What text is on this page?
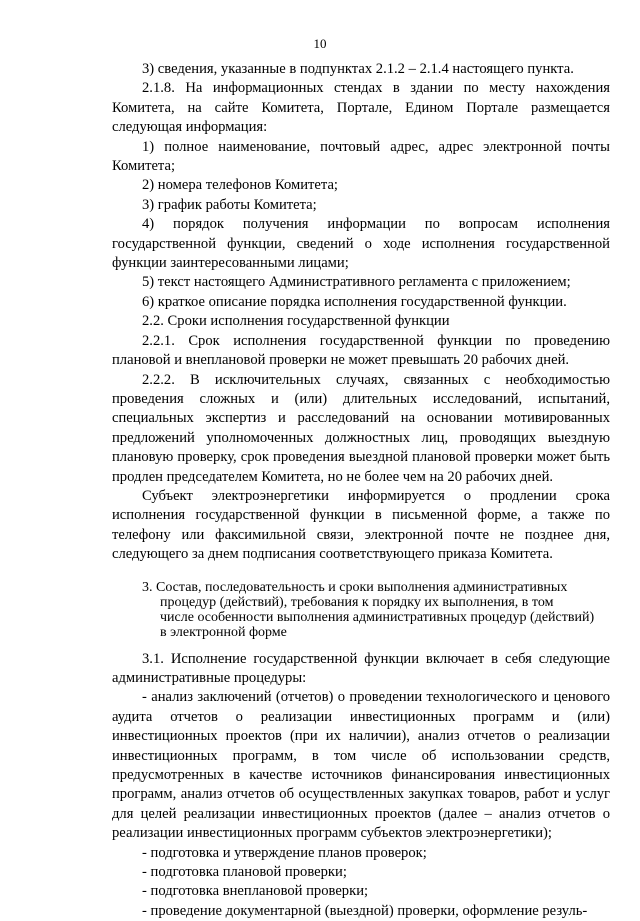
10

3) сведения, указанные в подпунктах 2.1.2 – 2.1.4 настоящего пункта.

2.1.8. На информационных стендах в здании по месту нахождения Комитета, на сайте Комитета, Портале, Едином Портале размещается следующая информация:

1) полное наименование, почтовый адрес, адрес электронной почты Комитета;

2) номера телефонов Комитета;

3) график работы Комитета;

4) порядок получения информации по вопросам исполнения государственной функции, сведений о ходе исполнения государственной функции заинтересованными лицами;

5) текст настоящего Административного регламента с приложением;

6) краткое описание порядка исполнения государственной функции.

2.2. Сроки исполнения государственной функции

2.2.1. Срок исполнения государственной функции по проведению плановой и внеплановой проверки не может превышать 20 рабочих дней.

2.2.2. В исключительных случаях, связанных с необходимостью проведения сложных и (или) длительных исследований, испытаний, специальных экспертиз и расследований на основании мотивированных предложений уполномоченных должностных лиц, проводящих выездную плановую проверку, срок проведения выездной плановой проверки может быть продлен председателем Комитета, но не более чем на 20 рабочих дней.

Субъект электроэнергетики информируется о продлении срока исполнения государственной функции в письменной форме, а также по телефону или факсимильной связи, электронной почте не позднее дня, следующего за днем подписания соответствующего приказа Комитета.

3. Состав, последовательность и сроки выполнения административных
процедур (действий), требования к порядку их выполнения, в том
числе особенности выполнения административных процедур (действий)
в электронной форме

3.1. Исполнение государственной функции включает в себя следующие административные процедуры:

- анализ заключений (отчетов) о проведении технологического и ценового аудита отчетов о реализации инвестиционных программ и (или) инвестиционных проектов (при их наличии), анализ отчетов о реализации инвестиционных программ, в том числе об использовании средств, предусмотренных в качестве источников финансирования инвестиционных программ, анализ отчетов об осуществленных закупках товаров, работ и услуг для целей реализации инвестиционных проектов (далее – анализ отчетов о реализации инвестиционных программ субъектов электроэнергетики);

- подготовка и утверждение планов проверок;

- подготовка плановой проверки;

- подготовка внеплановой проверки;

- проведение документарной (выездной) проверки, оформление резуль-
